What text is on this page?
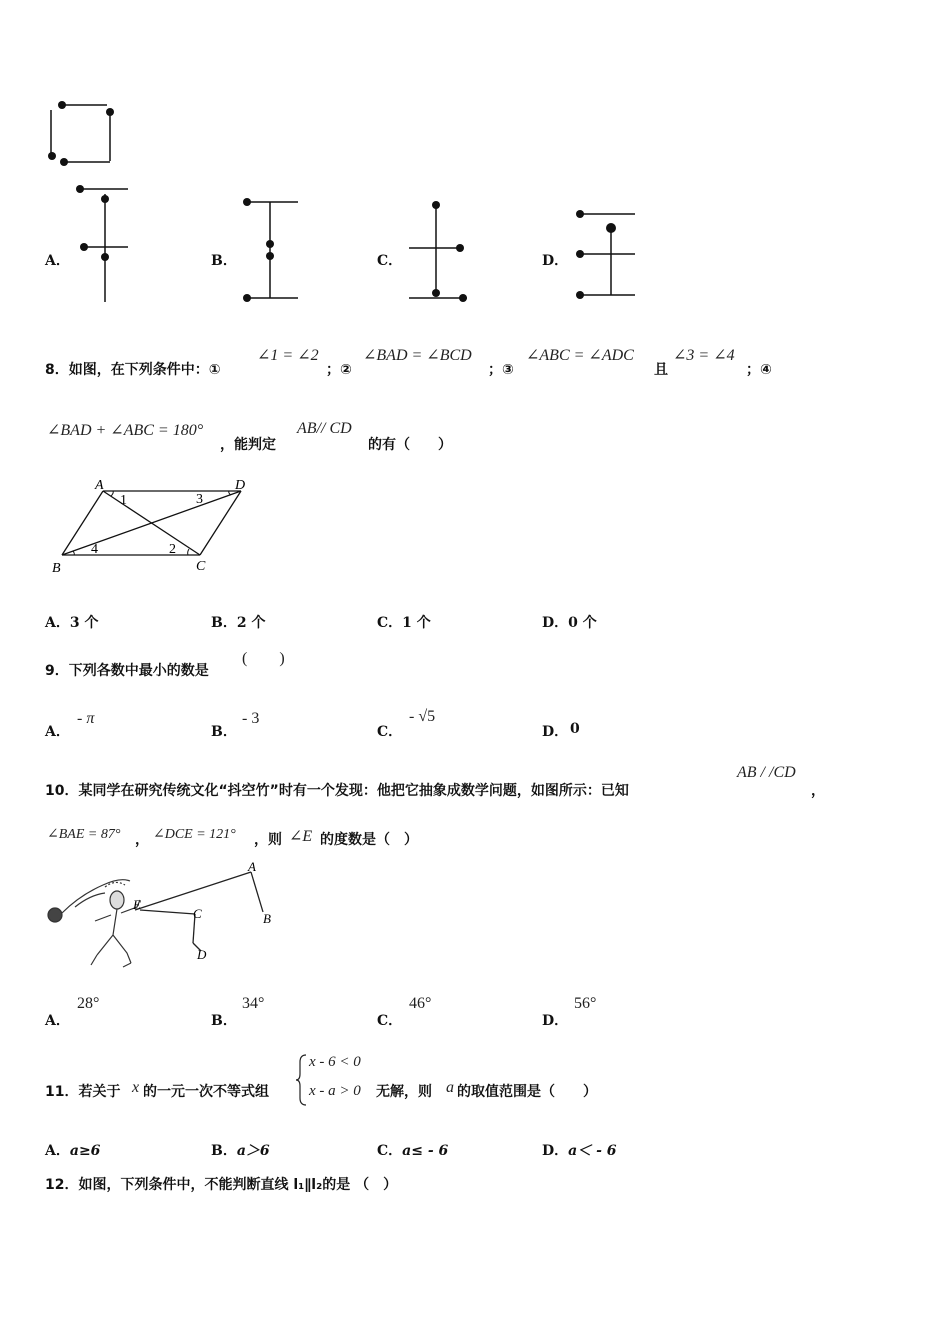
A．	B．	C．	D．
8．如图，在下列条件中：①
∠1 = ∠2
；②
∠BAD = ∠BCD
；③
∠ABC = ∠ADC
且
∠3 = ∠4
；④
∠BAD + ∠ABC = 180°
，能判定
AB// CD
的有（　　）
A	D
B	C
1
2
3
4
A．3 个	B．2 个	C．1 个	D．0 个
9．下列各数中最小的数是
(　　)
A．
- π
B．
- 3
C．
- √5
D． 0
10．某同学在研究传统文化“抖空竹”时有一个发现：他把它抽象成数学问题，如图所示：已知
AB / /CD
，
∠BAE = 87° ， ∠DCE = 121° ，则 ∠E 的度数是（　）
A
B
E
C
D
A．
28°
B．
34°
C．
46°
D．
56°
11．若关于 x 的一元一次不等式组
x - 6 < 0
x - a > 0 无解，则 a 的取值范围是（　　）
A．a≥6	B．a＞6	C．a≤ - 6	D．a＜ - 6
12．如图，下列条件中，不能判断直线 l₁∥l₂的是 （　）
